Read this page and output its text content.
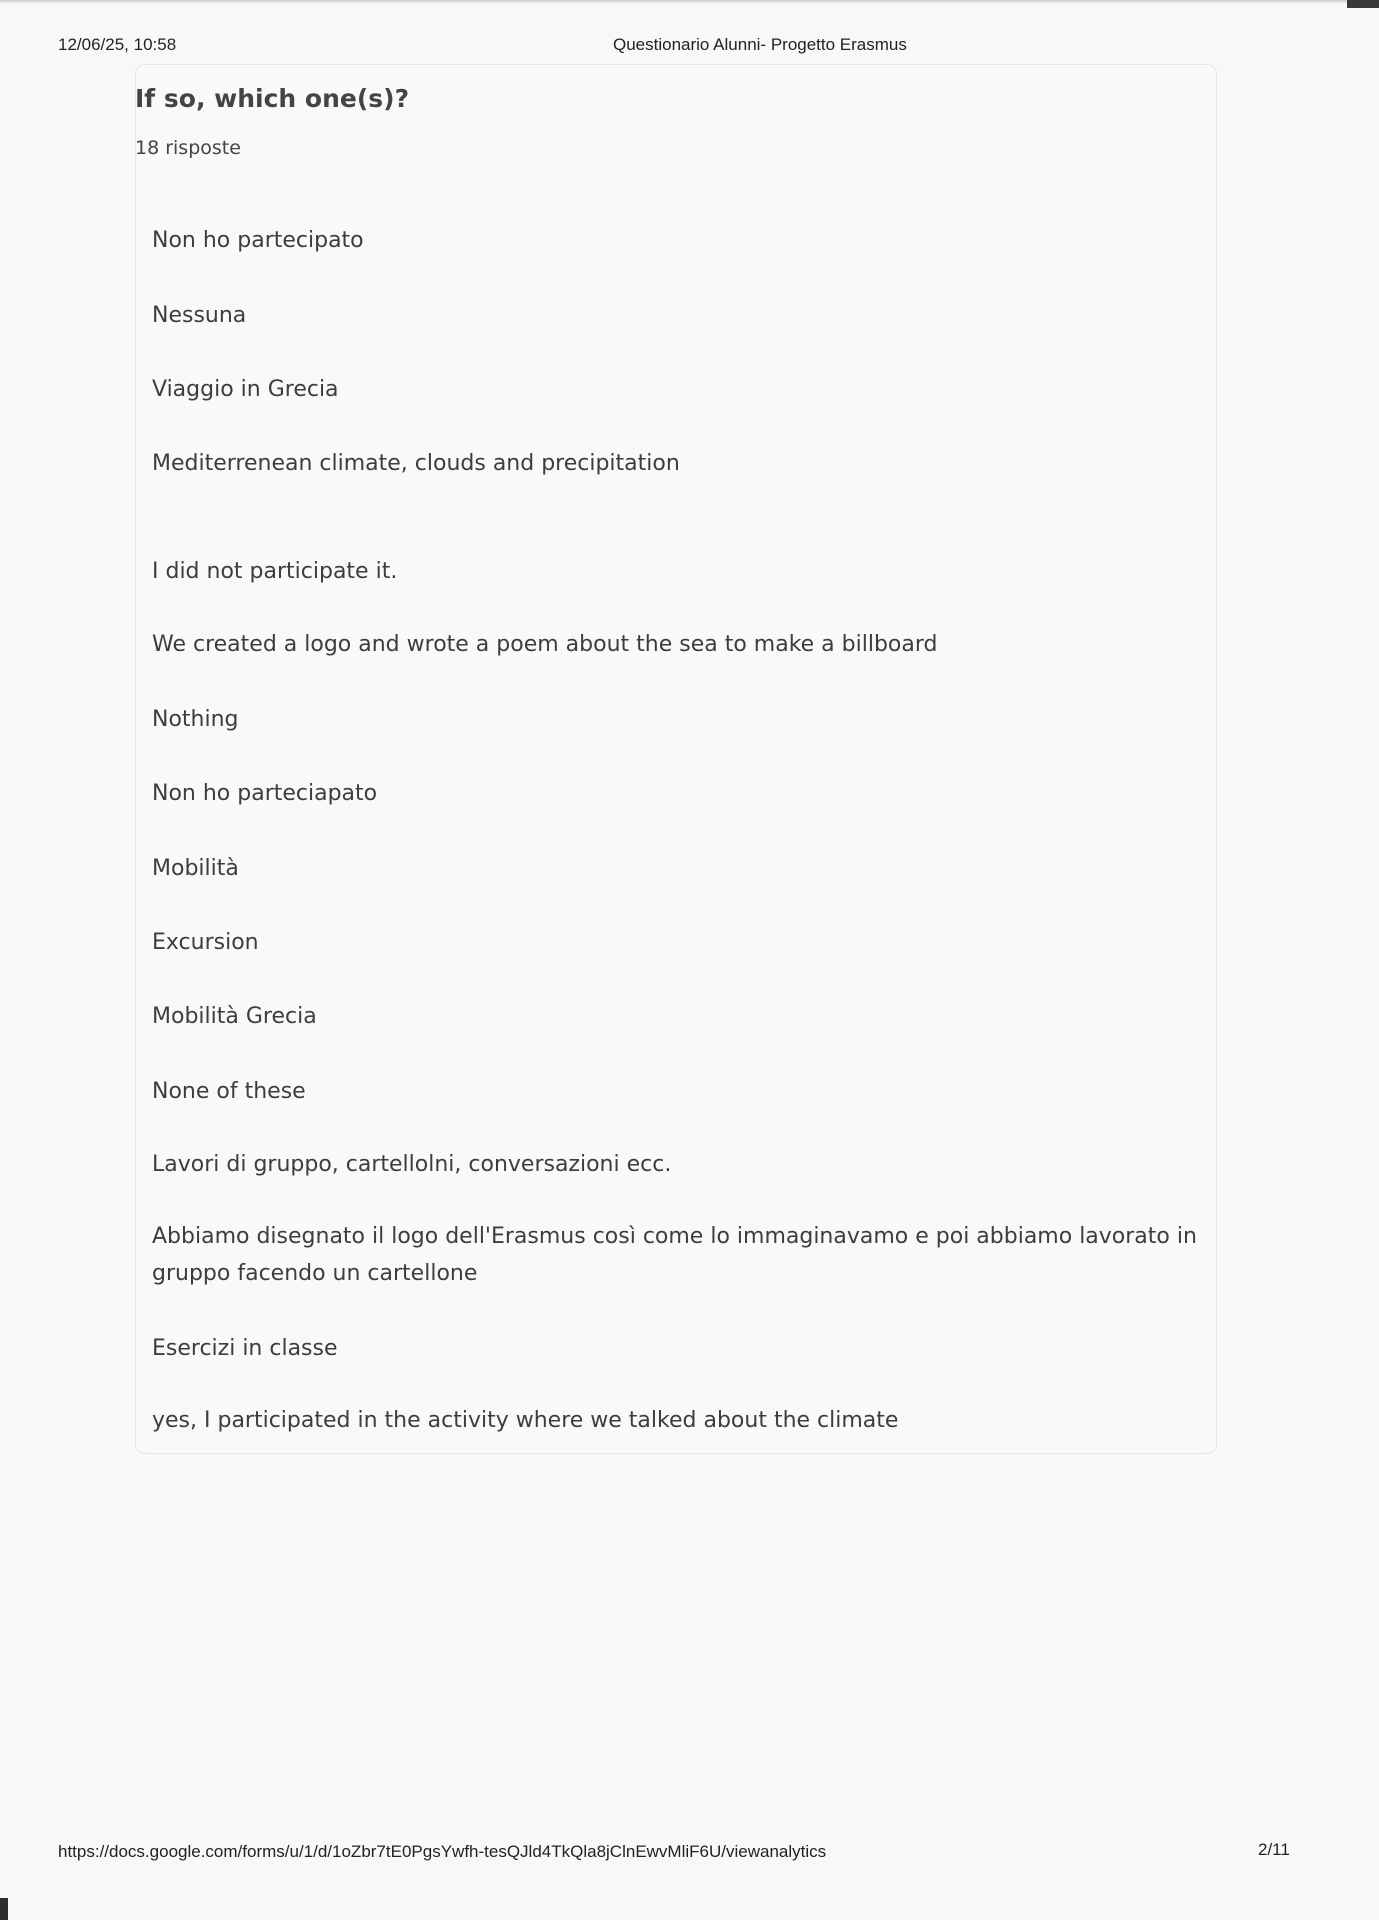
12/06/25, 10:58	Questionario Alunni- Progetto Erasmus
If so, which one(s)?
18 risposte
Non ho partecipato
Nessuna
Viaggio in Grecia
Mediterrenean climate, clouds and precipitation
I did not participate it.
We created a logo and wrote a poem about the sea to make a billboard
Nothing
Non ho parteciapato
Mobilità
Excursion
Mobilità Grecia
None of these
Lavori di gruppo, cartellolni, conversazioni ecc.
Abbiamo disegnato il logo dell'Erasmus così come lo immaginavamo e poi abbiamo lavorato in gruppo facendo un cartellone
Esercizi in classe
yes, I participated in the activity where we talked about the climate
https://docs.google.com/forms/u/1/d/1oZbr7tE0PgsYwfh-tesQJld4TkQla8jClnEwvMliF6U/viewanalytics	2/11
